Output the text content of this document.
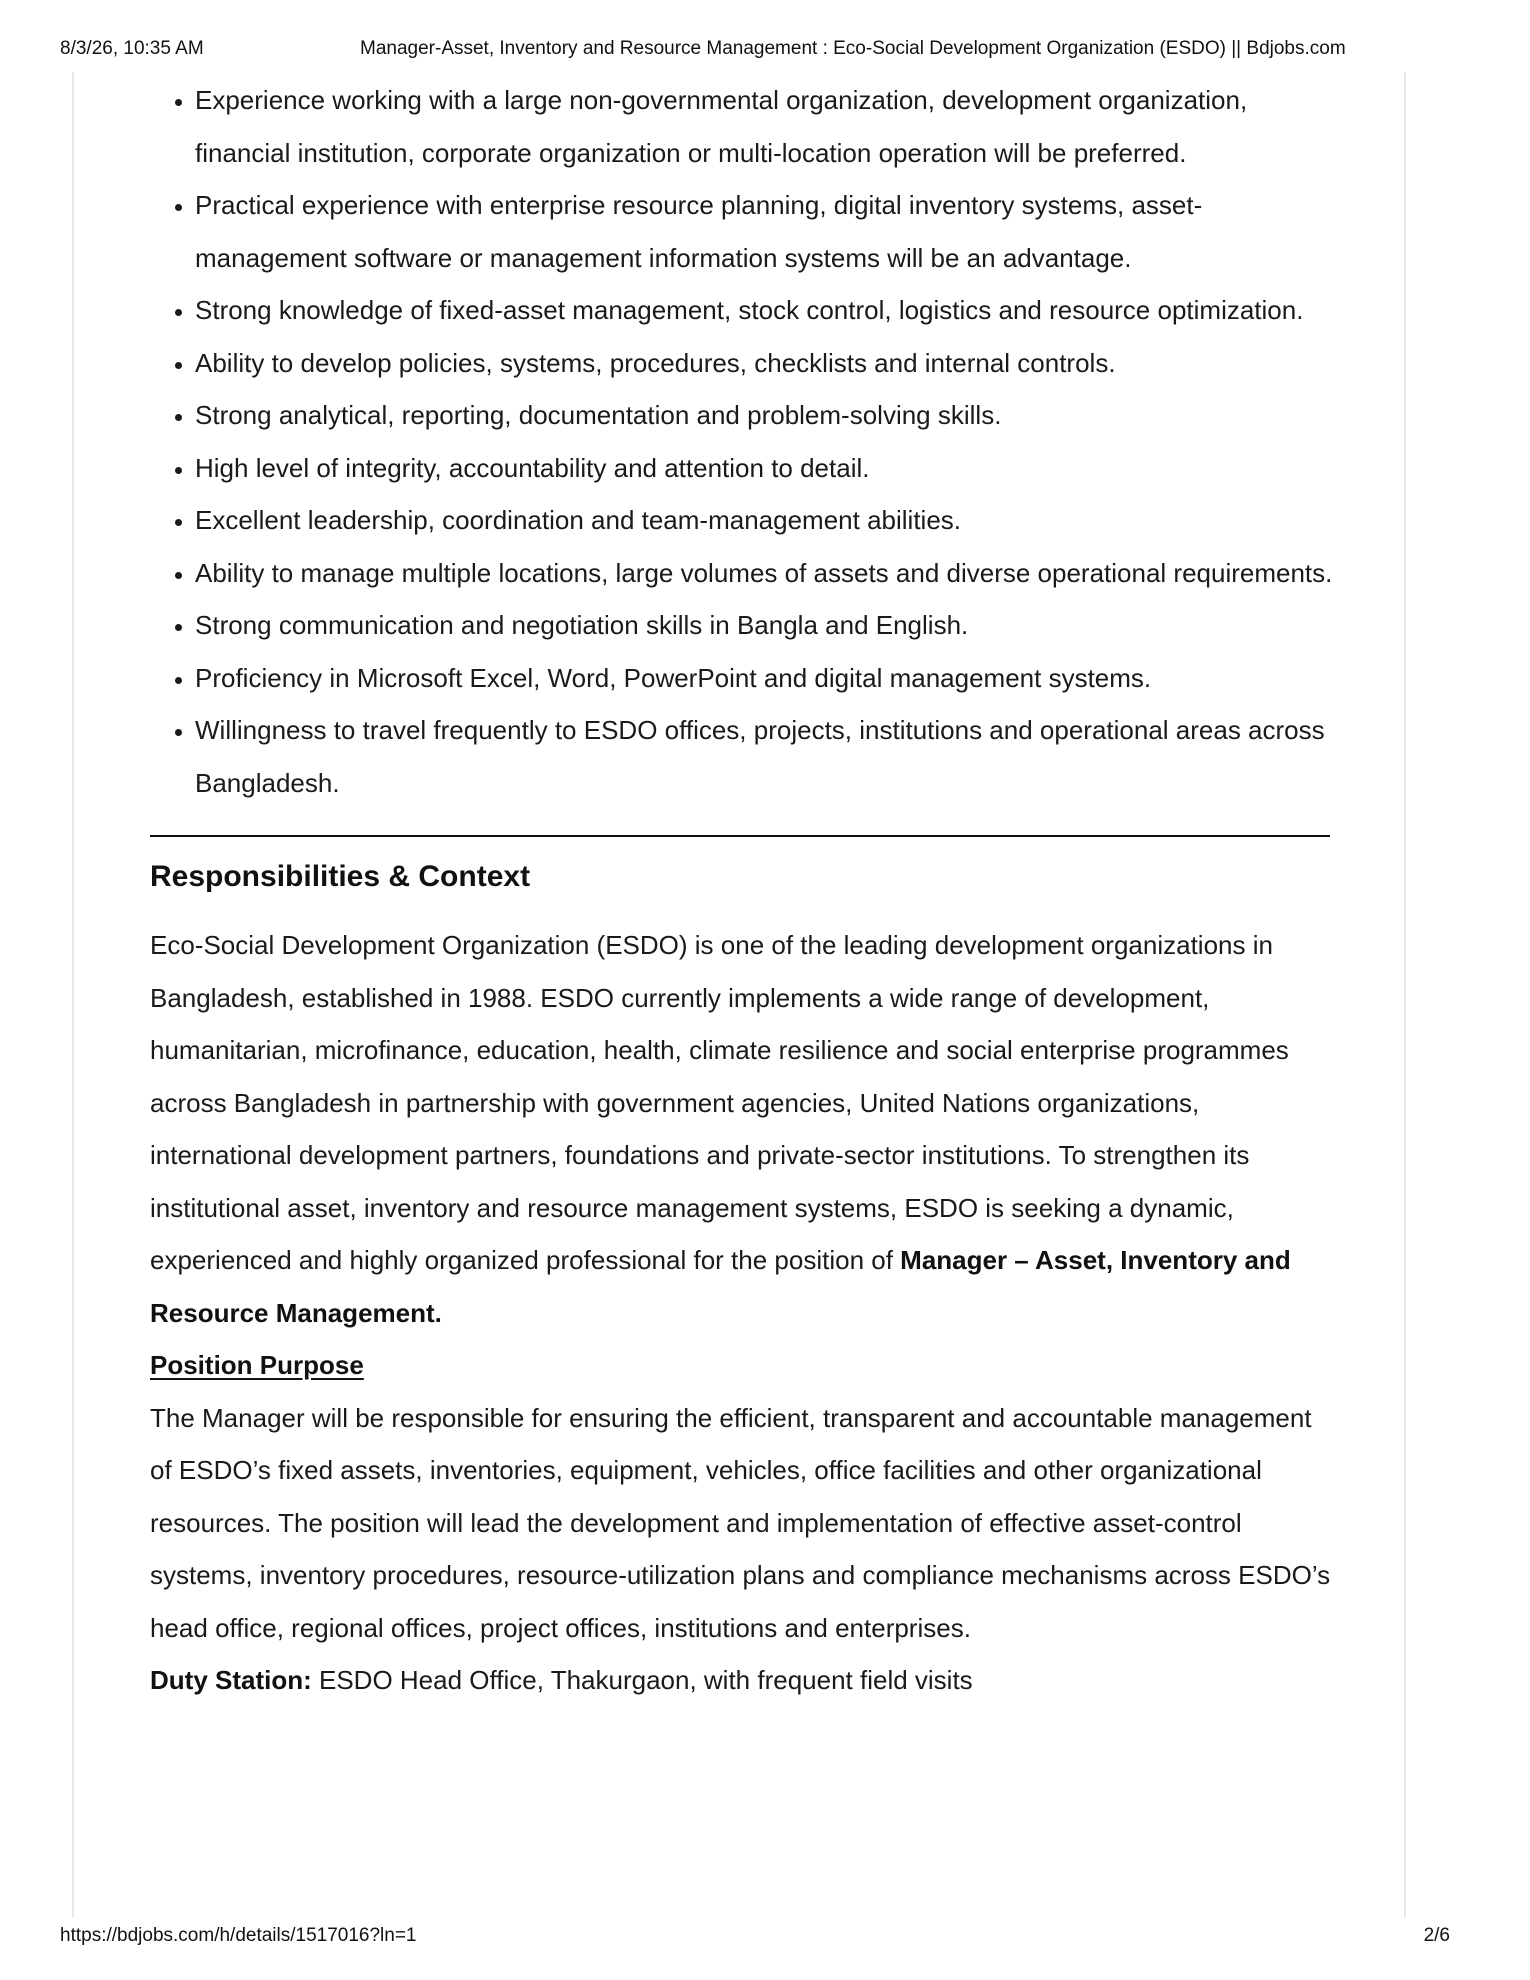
8/3/26, 10:35 AM	Manager-Asset, Inventory and Resource Management : Eco-Social Development Organization (ESDO) || Bdjobs.com
• Experience working with a large non-governmental organization, development organization, financial institution, corporate organization or multi-location operation will be preferred.
• Practical experience with enterprise resource planning, digital inventory systems, asset-management software or management information systems will be an advantage.
• Strong knowledge of fixed-asset management, stock control, logistics and resource optimization.
• Ability to develop policies, systems, procedures, checklists and internal controls.
• Strong analytical, reporting, documentation and problem-solving skills.
• High level of integrity, accountability and attention to detail.
• Excellent leadership, coordination and team-management abilities.
• Ability to manage multiple locations, large volumes of assets and diverse operational requirements.
• Strong communication and negotiation skills in Bangla and English.
• Proficiency in Microsoft Excel, Word, PowerPoint and digital management systems.
• Willingness to travel frequently to ESDO offices, projects, institutions and operational areas across Bangladesh.
Responsibilities & Context

Eco-Social Development Organization (ESDO) is one of the leading development organizations in Bangladesh, established in 1988. ESDO currently implements a wide range of development, humanitarian, microfinance, education, health, climate resilience and social enterprise programmes across Bangladesh in partnership with government agencies, United Nations organizations, international development partners, foundations and private-sector institutions. To strengthen its institutional asset, inventory and resource management systems, ESDO is seeking a dynamic, experienced and highly organized professional for the position of Manager – Asset, Inventory and Resource Management.

Position Purpose

The Manager will be responsible for ensuring the efficient, transparent and accountable management of ESDO’s fixed assets, inventories, equipment, vehicles, office facilities and other organizational resources. The position will lead the development and implementation of effective asset-control systems, inventory procedures, resource-utilization plans and compliance mechanisms across ESDO’s head office, regional offices, project offices, institutions and enterprises.

Duty Station: ESDO Head Office, Thakurgaon, with frequent field visits

https://bdjobs.com/h/details/1517016?ln=1	2/6
